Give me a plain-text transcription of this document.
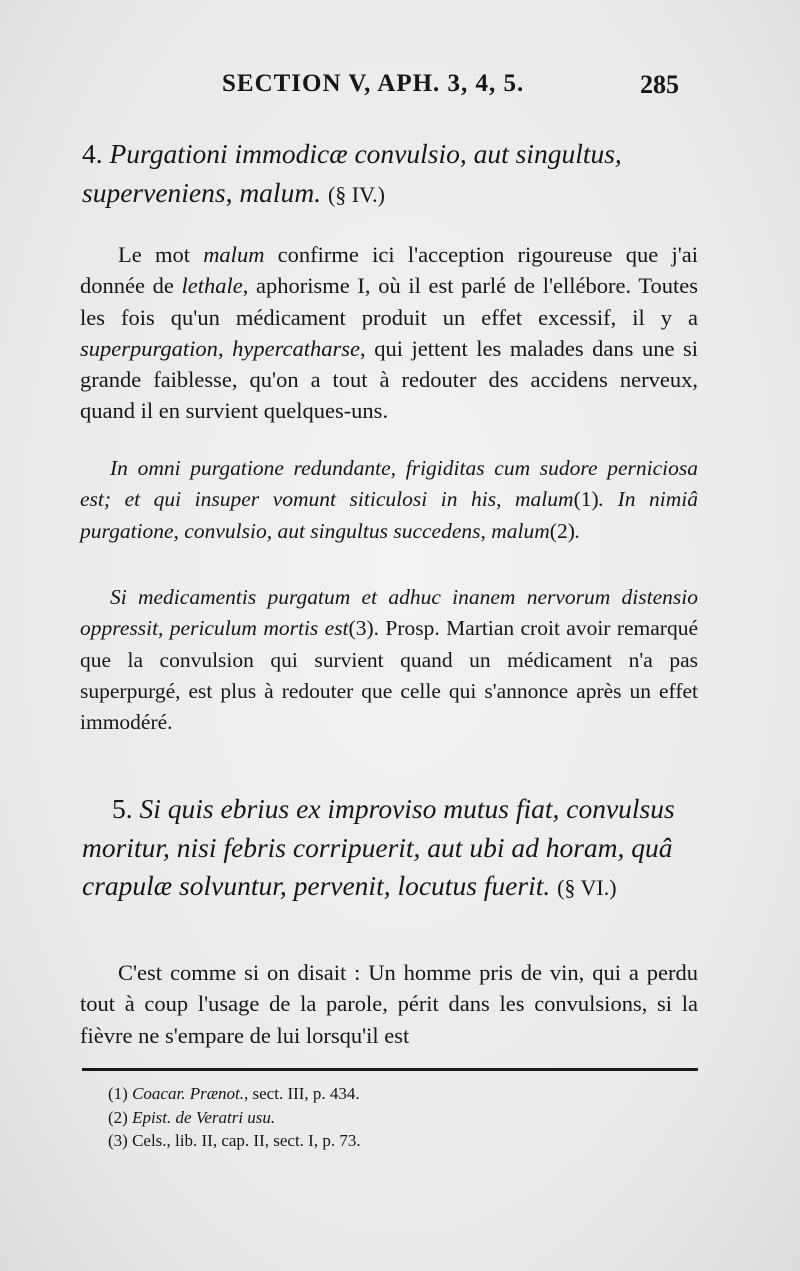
SECTION V, APH. 3, 4, 5.	285
4. Purgationi immodicæ convulsio, aut singultus, superveniens, malum. (§ IV.)
Le mot malum confirme ici l'acception rigoureuse que j'ai donnée de lethale, aphorisme I, où il est parlé de l'ellébore. Toutes les fois qu'un médicament produit un effet excessif, il y a superpurgation, hypercatharse, qui jettent les malades dans une si grande faiblesse, qu'on a tout à redouter des accidens nerveux, quand il en survient quelques-uns.
In omni purgatione redundante, frigiditas cum sudore perniciosa est; et qui insuper vomunt siticulosi in his, malum(1). In nimiâ purgatione, convulsio, aut singultus succedens, malum(2).
Si medicamentis purgatum et adhuc inanem nervorum distensio oppressit, periculum mortis est(3). Prosp. Martian croit avoir remarqué que la convulsion qui survient quand un médicament n'a pas superpurgé, est plus à redouter que celle qui s'annonce après un effet immodéré.
5. Si quis ebrius ex improviso mutus fiat, convulsus moritur, nisi febris corripuerit, aut ubi ad horam, quâ crapulæ solvuntur, pervenit, locutus fuerit. (§ VI.)
C'est comme si on disait : Un homme pris de vin, qui a perdu tout à coup l'usage de la parole, périt dans les convulsions, si la fièvre ne s'empare de lui lorsqu'il est
(1) Coacar. Prænot., sect. III, p. 434.
(2) Epist. de Veratri usu.
(3) Cels., lib. II, cap. II, sect. I, p. 73.
